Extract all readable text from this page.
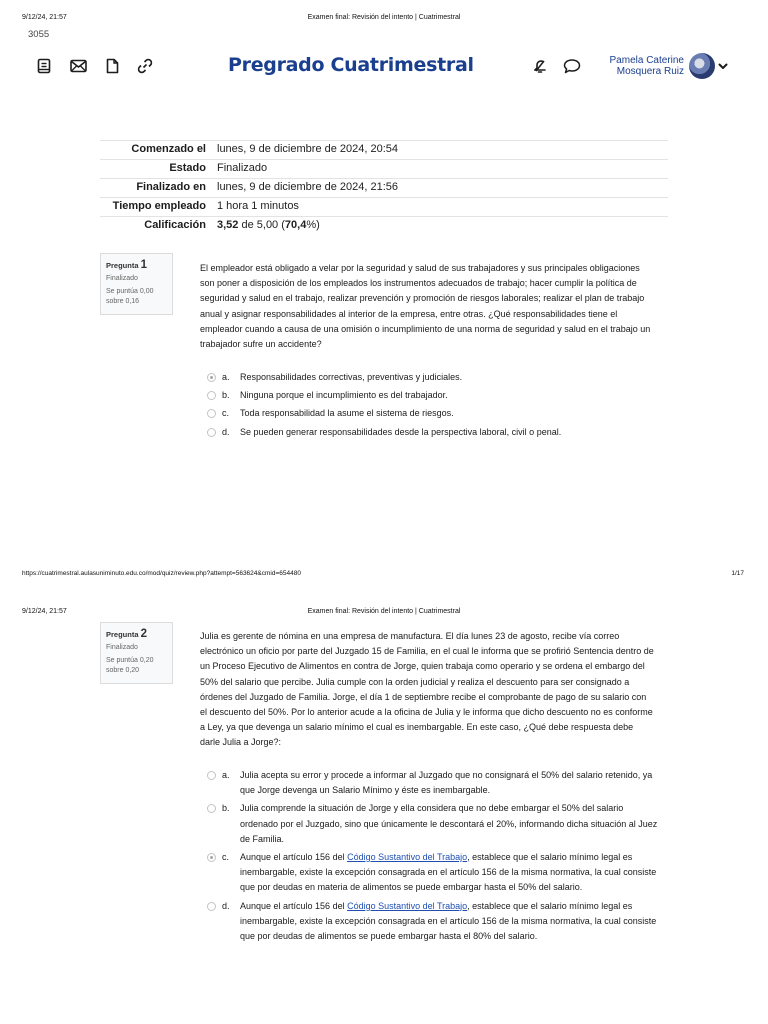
9/12/24, 21:57	Examen final: Revisión del intento | Cuatrimestral
3055
Pregrado Cuatrimestral	Pamela Caterine
Mosquera Ruiz
Comenzado el	lunes, 9 de diciembre de 2024, 20:54
Estado	Finalizado
Finalizado en	lunes, 9 de diciembre de 2024, 21:56
Tiempo empleado	1 hora 1 minutos
Calificación	3,52 de 5,00 (70,4%)
Pregunta 1
Finalizado
Se puntúa 0,00 sobre 0,16
El empleador está obligado a velar por la seguridad y salud de sus trabajadores y sus principales obligaciones son poner a disposición de los empleados los instrumentos adecuados de trabajo; hacer cumplir la política de seguridad y salud en el trabajo, realizar prevención y promoción de riesgos laborales; realizar el plan de trabajo anual y asignar responsabilidades al interior de la empresa, entre otras. ¿Qué responsabilidades tiene el empleador cuando a causa de una omisión o incumplimiento de una norma de seguridad y salud en el trabajo un trabajador sufre un accidente?
a. Responsabilidades correctivas, preventivas y judiciales.
b. Ninguna porque el incumplimiento es del trabajador.
c. Toda responsabilidad la asume el sistema de riesgos.
d. Se pueden generar responsabilidades desde la perspectiva laboral, civil o penal.
https://cuatrimestral.aulasuniminuto.edu.co/mod/quiz/review.php?attempt=563624&cmid=654480	1/17
9/12/24, 21:57	Examen final: Revisión del intento | Cuatrimestral
Pregunta 2
Finalizado
Se puntúa 0,20 sobre 0,20
Julia es gerente de nómina en una empresa de manufactura. El día lunes 23 de agosto, recibe vía correo electrónico un oficio por parte del Juzgado 15 de Familia, en el cual le informa que se profirió Sentencia dentro de un Proceso Ejecutivo de Alimentos en contra de Jorge, quien trabaja como operario y se ordena el embargo del 50% del salario que percibe. Julia cumple con la orden judicial y realiza el descuento para ser consignado a órdenes del Juzgado de Familia. Jorge, el día 1 de septiembre recibe el comprobante de pago de su salario con el descuento del 50%. Por lo anterior acude a la oficina de Julia y le informa que dicho descuento no es conforme a Ley, ya que devenga un salario mínimo el cual es inembargable. En este caso, ¿Qué debe respuesta debe darle Julia a Jorge?:
a. Julia acepta su error y procede a informar al Juzgado que no consignará el 50% del salario retenido, ya que Jorge devenga un Salario Mínimo y éste es inembargable.
b. Julia comprende la situación de Jorge y ella considera que no debe embargar el 50% del salario ordenado por el Juzgado, sino que únicamente le descontará el 20%, informando dicha situación al Juez de Familia.
c. Aunque el artículo 156 del Código Sustantivo del Trabajo, establece que el salario mínimo legal es inembargable, existe la excepción consagrada en el artículo 156 de la misma normativa, la cual consiste que por deudas en materia de alimentos se puede embargar hasta el 50% del salario.
d. Aunque el artículo 156 del Código Sustantivo del Trabajo, establece que el salario mínimo legal es inembargable, existe la excepción consagrada en el artículo 156 de la misma normativa, la cual consiste que por deudas de alimentos se puede embargar hasta el 80% del salario.
